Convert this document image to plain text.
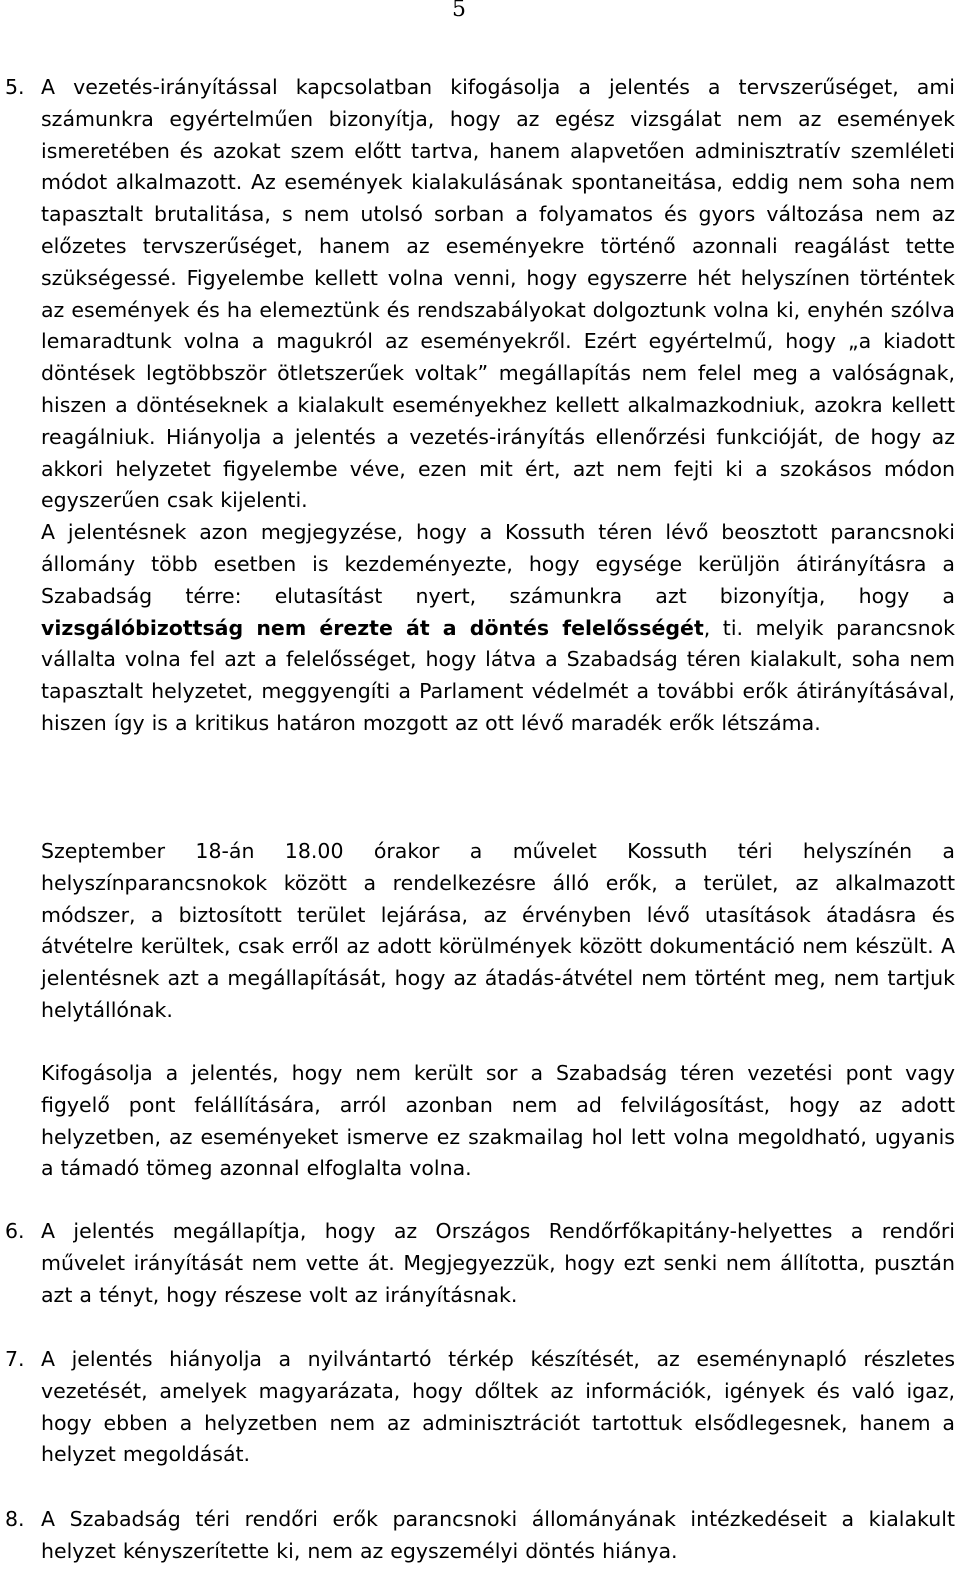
5
5. A vezetés-irányítással kapcsolatban kifogásolja a jelentés a tervszerűséget, ami számunkra egyértelműen bizonyítja, hogy az egész vizsgálat nem az események ismeretében és azokat szem előtt tartva, hanem alapvetően adminisztratív szemléleti módot alkalmazott. Az események kialakulásának spontaneitása, eddig nem soha nem tapasztalt brutalitása, s nem utolsó sorban a folyamatos és gyors változása nem az előzetes tervszerűséget, hanem az eseményekre történő azonnali reagálást tette szükségessé. Figyelembe kellett volna venni, hogy egyszerre hét helyszínen történtek az események és ha elemeztünk és rendszabályokat dolgoztunk volna ki, enyhén szólva lemaradtunk volna a magukról az eseményekről. Ezért egyértelmű, hogy „a kiadott döntések legtöbbször ötletszerűek voltak” megállapítás nem felel meg a valóságnak, hiszen a döntéseknek a kialakult eseményekhez kellett alkalmazkodniuk, azokra kellett reagálniuk. Hiányolja a jelentés a vezetés-irányítás ellenőrzési funkcióját, de hogy az akkori helyzetet figyelembe véve, ezen mit ért, azt nem fejti ki a szokásos módon egyszerűen csak kijelenti.

A jelentésnek azon megjegyzése, hogy a Kossuth téren lévő beosztott parancsnoki állomány több esetben is kezdeményezte, hogy egysége kerüljön átirányításra a Szabadság térre: elutasítást nyert, számunkra azt bizonyítja, hogy a vizsgálóbizottság nem érezte át a döntés felelősségét, ti. melyik parancsnok vállalta volna fel azt a felelősséget, hogy látva a Szabadság téren kialakult, soha nem tapasztalt helyzetet, meggyengíti a Parlament védelmét a további erők átirányításával, hiszen így is a kritikus határon mozgott az ott lévő maradék erők létszáma.

Szeptember 18-án 18.00 órakor a művelet Kossuth téri helyszínén a helyszínparancsnokok között a rendelkezésre álló erők, a terület, az alkalmazott módszer, a biztosított terület lejárása, az érvényben lévő utasítások átadásra és átvételre kerültek, csak erről az adott körülmények között dokumentáció nem készült. A jelentésnek azt a megállapítását, hogy az átadás-átvétel nem történt meg, nem tartjuk helytállónak.

Kifogásolja a jelentés, hogy nem került sor a Szabadság téren vezetési pont vagy figyelő pont felállítására, arról azonban nem ad felvilágosítást, hogy az adott helyzetben, az eseményeket ismerve ez szakmailag hol lett volna megoldható, ugyanis a támadó tömeg azonnal elfoglalta volna.

6. A jelentés megállapítja, hogy az Országos Rendőrfőkapitány-helyettes a rendőri művelet irányítását nem vette át. Megjegyezzük, hogy ezt senki nem állította, pusztán azt a tényt, hogy részese volt az irányításnak.

7. A jelentés hiányolja a nyilvántartó térkép készítését, az eseménynapló részletes vezetését, amelyek magyarázata, hogy dőltek az információk, igények és való igaz, hogy ebben a helyzetben nem az adminisztrációt tartottuk elsődlegesnek, hanem a helyzet megoldását.

8. A Szabadság téri rendőri erők parancsnoki állományának intézkedéseit a kialakult helyzet kényszerítette ki, nem az egyszemélyi döntés hiánya.
